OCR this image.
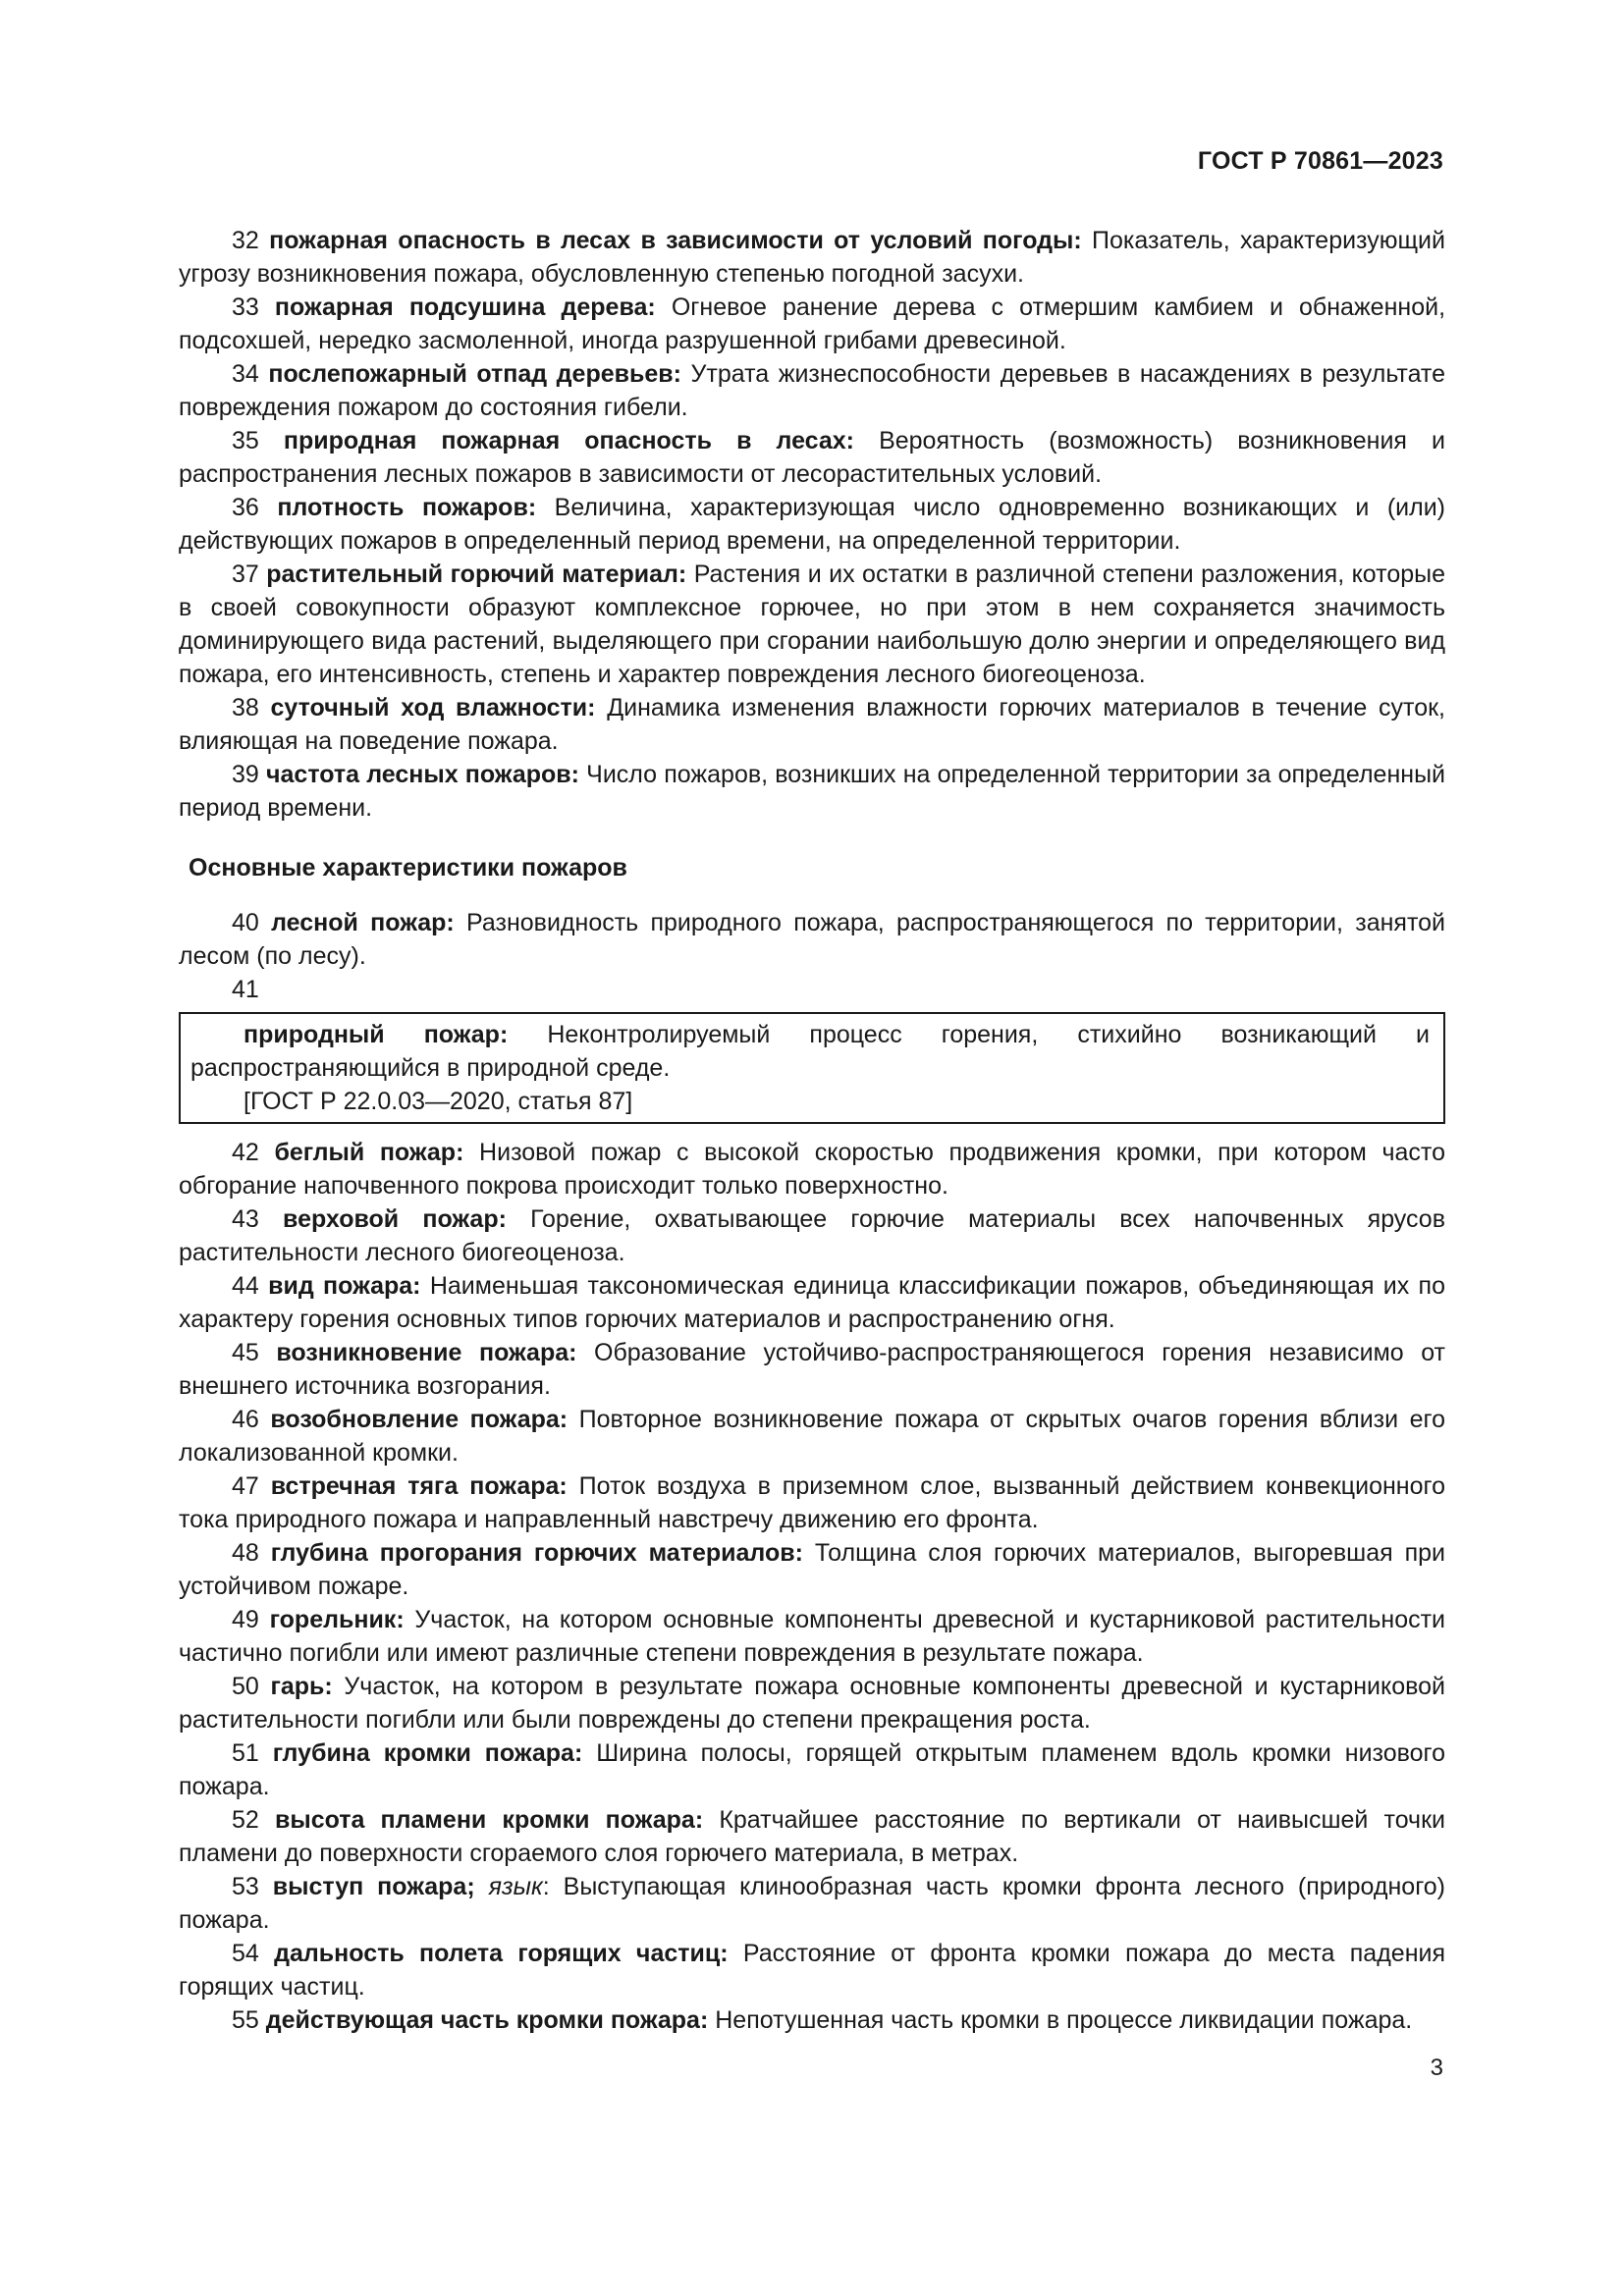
ГОСТ Р 70861—2023

32 пожарная опасность в лесах в зависимости от условий погоды: Показатель, характеризующий угрозу возникновения пожара, обусловленную степенью погодной засухи.

33 пожарная подсушина дерева: Огневое ранение дерева с отмершим камбием и обнаженной, подсохшей, нередко засмоленной, иногда разрушенной грибами древесиной.

34 послепожарный отпад деревьев: Утрата жизнеспособности деревьев в насаждениях в результате повреждения пожаром до состояния гибели.

35 природная пожарная опасность в лесах: Вероятность (возможность) возникновения и распространения лесных пожаров в зависимости от лесорастительных условий.

36 плотность пожаров: Величина, характеризующая число одновременно возникающих и (или) действующих пожаров в определенный период времени, на определенной территории.

37 растительный горючий материал: Растения и их остатки в различной степени разложения, которые в своей совокупности образуют комплексное горючее, но при этом в нем сохраняется значимость доминирующего вида растений, выделяющего при сгорании наибольшую долю энергии и определяющего вид пожара, его интенсивность, степень и характер повреждения лесного биогеоценоза.

38 суточный ход влажности: Динамика изменения влажности горючих материалов в течение суток, влияющая на поведение пожара.

39 частота лесных пожаров: Число пожаров, возникших на определенной территории за определенный период времени.

Основные характеристики пожаров

40 лесной пожар: Разновидность природного пожара, распространяющегося по территории, занятой лесом (по лесу).

41

природный пожар: Неконтролируемый процесс горения, стихийно возникающий и распространяющийся в природной среде.

[ГОСТ Р 22.0.03—2020, статья 87]

42 беглый пожар: Низовой пожар с высокой скоростью продвижения кромки, при котором часто обгорание напочвенного покрова происходит только поверхностно.

43 верховой пожар: Горение, охватывающее горючие материалы всех напочвенных ярусов растительности лесного биогеоценоза.

44 вид пожара: Наименьшая таксономическая единица классификации пожаров, объединяющая их по характеру горения основных типов горючих материалов и распространению огня.

45 возникновение пожара: Образование устойчиво-распространяющегося горения независимо от внешнего источника возгорания.

46 возобновление пожара: Повторное возникновение пожара от скрытых очагов горения вблизи его локализованной кромки.

47 встречная тяга пожара: Поток воздуха в приземном слое, вызванный действием конвекционного тока природного пожара и направленный навстречу движению его фронта.

48 глубина прогорания горючих материалов: Толщина слоя горючих материалов, выгоревшая при устойчивом пожаре.

49 горельник: Участок, на котором основные компоненты древесной и кустарниковой растительности частично погибли или имеют различные степени повреждения в результате пожара.

50 гарь: Участок, на котором в результате пожара основные компоненты древесной и кустарниковой растительности погибли или были повреждены до степени прекращения роста.

51 глубина кромки пожара: Ширина полосы, горящей открытым пламенем вдоль кромки низового пожара.

52 высота пламени кромки пожара: Кратчайшее расстояние по вертикали от наивысшей точки пламени до поверхности сгораемого слоя горючего материала, в метрах.

53 выступ пожара; язык: Выступающая клинообразная часть кромки фронта лесного (природного) пожара.

54 дальность полета горящих частиц: Расстояние от фронта кромки пожара до места падения горящих частиц.

55 действующая часть кромки пожара: Непотушенная часть кромки в процессе ликвидации пожара.

3
